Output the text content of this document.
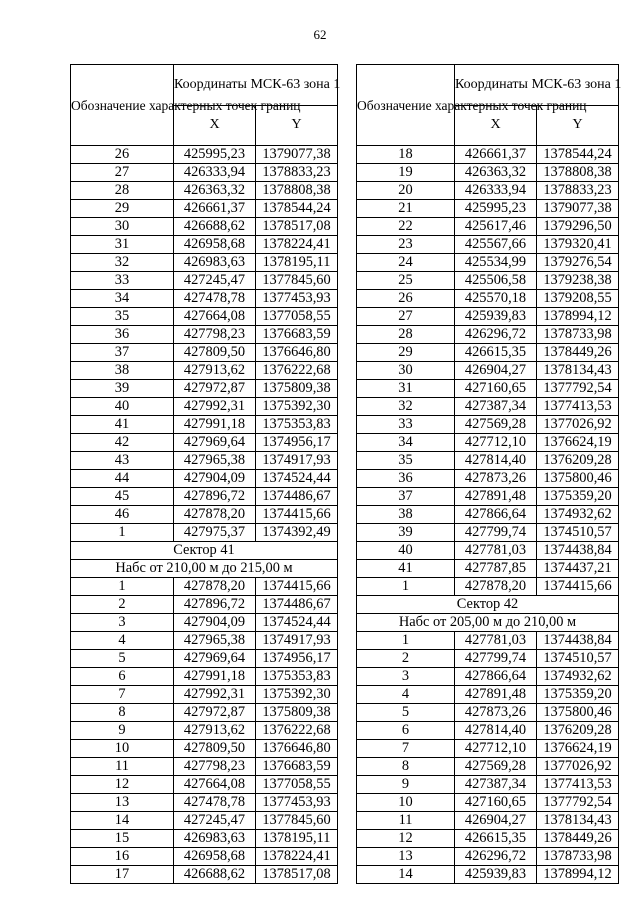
62
Обозначение характерных точек границ	Координаты МСК-63 зона 1	
	X	Y
26	425995,23	1379077,38
27	426333,94	1378833,23
28	426363,32	1378808,38
29	426661,37	1378544,24
30	426688,62	1378517,08
31	426958,68	1378224,41
32	426983,63	1378195,11
33	427245,47	1377845,60
34	427478,78	1377453,93
35	427664,08	1377058,55
36	427798,23	1376683,59
37	427809,50	1376646,80
38	427913,62	1376222,68
39	427972,87	1375809,38
40	427992,31	1375392,30
41	427991,18	1375353,83
42	427969,64	1374956,17
43	427965,38	1374917,93
44	427904,09	1374524,44
45	427896,72	1374486,67
46	427878,20	1374415,66
1	427975,37	1374392,49
Сектор 41		
Набс от 210,00 м до 215,00 м		
1	427878,20	1374415,66
2	427896,72	1374486,67
3	427904,09	1374524,44
4	427965,38	1374917,93
5	427969,64	1374956,17
6	427991,18	1375353,83
7	427992,31	1375392,30
8	427972,87	1375809,38
9	427913,62	1376222,68
10	427809,50	1376646,80
11	427798,23	1376683,59
12	427664,08	1377058,55
13	427478,78	1377453,93
14	427245,47	1377845,60
15	426983,63	1378195,11
16	426958,68	1378224,41
17	426688,62	1378517,08
Обозначение характерных точек границ	Координаты МСК-63 зона 1	
	X	Y
18	426661,37	1378544,24
19	426363,32	1378808,38
20	426333,94	1378833,23
21	425995,23	1379077,38
22	425617,46	1379296,50
23	425567,66	1379320,41
24	425534,99	1379276,54
25	425506,58	1379238,38
26	425570,18	1379208,55
27	425939,83	1378994,12
28	426296,72	1378733,98
29	426615,35	1378449,26
30	426904,27	1378134,43
31	427160,65	1377792,54
32	427387,34	1377413,53
33	427569,28	1377026,92
34	427712,10	1376624,19
35	427814,40	1376209,28
36	427873,26	1375800,46
37	427891,48	1375359,20
38	427866,64	1374932,62
39	427799,74	1374510,57
40	427781,03	1374438,84
41	427787,85	1374437,21
1	427878,20	1374415,66
Сектор 42		
Набс от 205,00 м до 210,00 м		
1	427781,03	1374438,84
2	427799,74	1374510,57
3	427866,64	1374932,62
4	427891,48	1375359,20
5	427873,26	1375800,46
6	427814,40	1376209,28
7	427712,10	1376624,19
8	427569,28	1377026,92
9	427387,34	1377413,53
10	427160,65	1377792,54
11	426904,27	1378134,43
12	426615,35	1378449,26
13	426296,72	1378733,98
14	425939,83	1378994,12
